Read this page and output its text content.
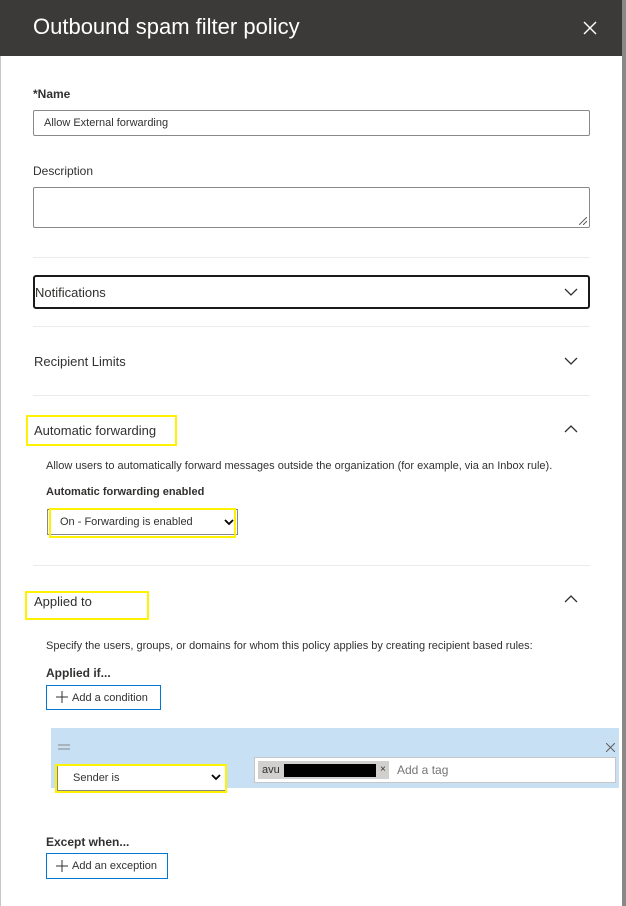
Outbound spam filter policy
*Name
Allow External forwarding
Description
Notifications
Recipient Limits
Automatic forwarding
Allow users to automatically forward messages outside the organization (for example, via an Inbox rule).
Automatic forwarding enabled
On - Forwarding is enabled
Applied to
Specify the users, groups, or domains for whom this policy applies by creating recipient based rules:
Applied if...
Add a condition
Sender is
avu	×
Add a tag
Except when...
Add an exception
